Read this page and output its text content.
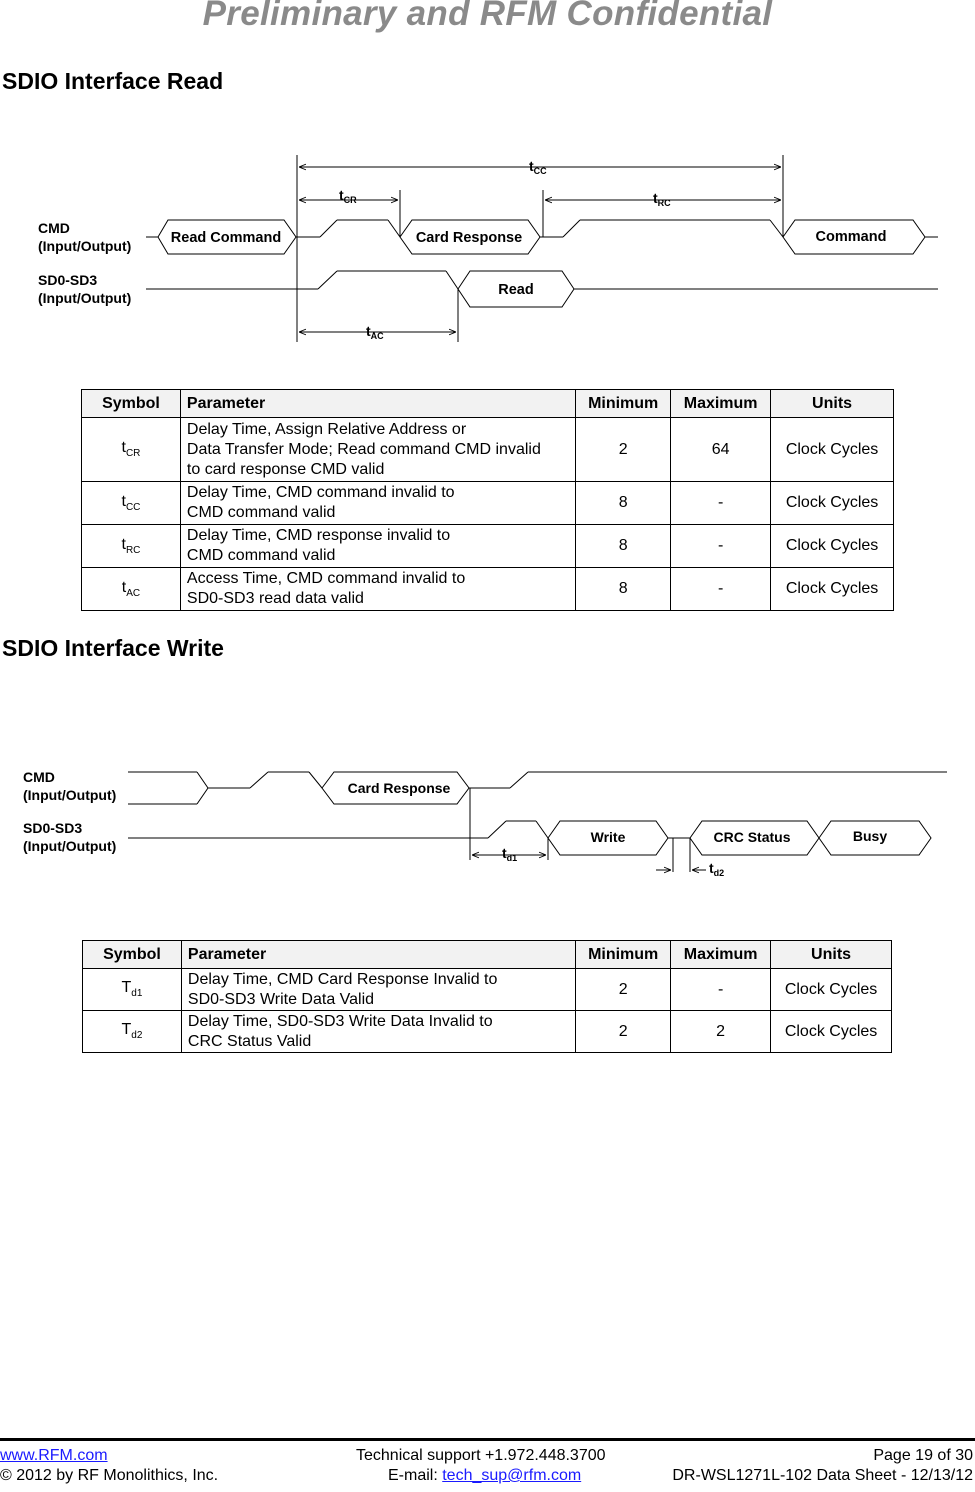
Preliminary and RFM Confidential
SDIO Interface Read
CMD
(Input/Output)
SD0-SD3
(Input/Output)
Read Command	Card Response	Command
Read
$t_{CC}$
$t_{CR}$	$t_{RC}$
$t_{AC}$
Symbol	Parameter	Minimum	Maximum	Units
$t_{CR}$	Delay Time, Assign Relative Address or
Data Transfer Mode; Read command CMD invalid
to card response CMD valid	2	64	Clock Cycles
$t_{CC}$	Delay Time, CMD command invalid to
CMD command valid	8	-	Clock Cycles
$t_{RC}$	Delay Time, CMD response invalid to
CMD command valid	8	-	Clock Cycles
$t_{AC}$	Access Time, CMD command invalid to
SD0-SD3 read data valid	8	-	Clock Cycles
SDIO Interface Write
CMD
(Input/Output)
SD0-SD3
(Input/Output)
Card Response
Write	CRC Status	Busy
$t_{d1}$
$t_{d2}$
Symbol	Parameter	Minimum	Maximum	Units
$T_{d1}$	Delay Time, CMD Card Response Invalid to
SD0-SD3 Write Data Valid	2	-	Clock Cycles
$T_{d2}$	Delay Time, SD0-SD3 Write Data Invalid to
CRC Status Valid	2	2	Clock Cycles
www.RFM.com
© 2012 by RF Monolithics, Inc.
Technical support +1.972.448.3700
E-mail: tech_sup@rfm.com
Page 19 of 30
DR-WSL1271L-102 Data Sheet - 12/13/12
